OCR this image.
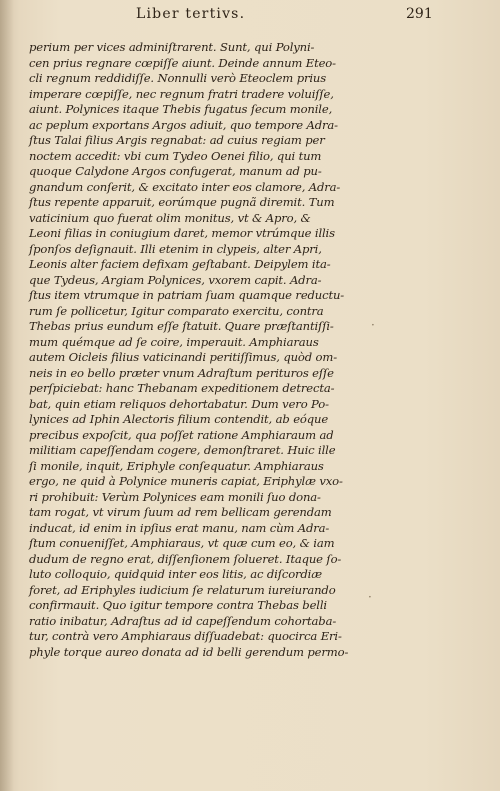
Liber tertivs.	291
perium per vices adminiſtrarent. Sunt, qui Polyni-
cen prius regnare cœpiſſe aiunt. Deinde annum Eteo-
cli regnum reddidiſſe. Nonnulli verò Eteoclem prius
imperare cœpiſſe, nec regnum fratri tradere voluiſſe,
aiunt. Polynices itaque Thebis fugatus ſecum monile,
ac peplum exportans Argos adiuit, quo tempore Adra-
ſtus Talai filius Argis regnabat: ad cuius regiam per
noctem accedit: vbi cum Tydeo Oenei filio, qui tum
quoque Calydone Argos confugerat, manum ad pu-
gnandum conſerit, & excitato inter eos clamore, Adra-
ſtus repente apparuit, eorúmque pugnã diremit. Tum
vaticinium quo fuerat olim monitus, vt & Apro, &
Leoni filias in coniugium daret, memor vtrúmque illis
ſponſos deſignauit. Illi etenim in clypeis, alter Apri,
Leonis alter faciem defixam geſtabant. Deipylem ita-
que Tydeus, Argiam Polynices, vxorem capit. Adra-
ſtus item vtrumque in patriam ſuam quamque reductu-
rum ſe pollicetur, Igitur comparato exercitu, contra
Thebas prius eundum eſſe ſtatuit. Quare præſtantiſſi-
mum quémque ad ſe coire, imperauit. Amphiaraus
autem Oicleis filius vaticinandi peritiſſimus, quòd om-
neis in eo bello præter vnum Adraſtum perituros eſſe
perſpiciebat: hanc Thebanam expeditionem detrecta-
bat, quin etiam reliquos dehortabatur. Dum vero Po-
lynices ad Iphin Alectoris filium contendit, ab eóque
precibus expoſcit, qua poſſet ratione Amphiaraum ad
militiam capeſſendam cogere, demonſtraret. Huic ille
ſi monile, inquit, Eriphyle conſequatur. Amphiaraus
ergo, ne quid à Polynice muneris capiat, Eriphylæ vxo-
ri prohibuit: Verùm Polynices eam monili ſuo dona-
tam rogat, vt virum ſuum ad rem bellicam gerendam
inducat, id enim in ipſius erat manu, nam cùm Adra-
ſtum conueniſſet, Amphiaraus, vt quæ cum eo, & iam
dudum de regno erat, diſſenſionem ſolueret. Itaque ſo-
luto colloquio, quidquid inter eos litis, ac diſcordiæ
foret, ad Eriphyles iudicium ſe relaturum iureiurando
confirmauit. Quo igitur tempore contra Thebas belli
ratio inibatur, Adraſtus ad id capeſſendum cohortaba-
tur, contrà vero Amphiaraus diſſuadebat: quocirca Eri-
phyle torque aureo donata ad id belli gerendum permo-
·
·
